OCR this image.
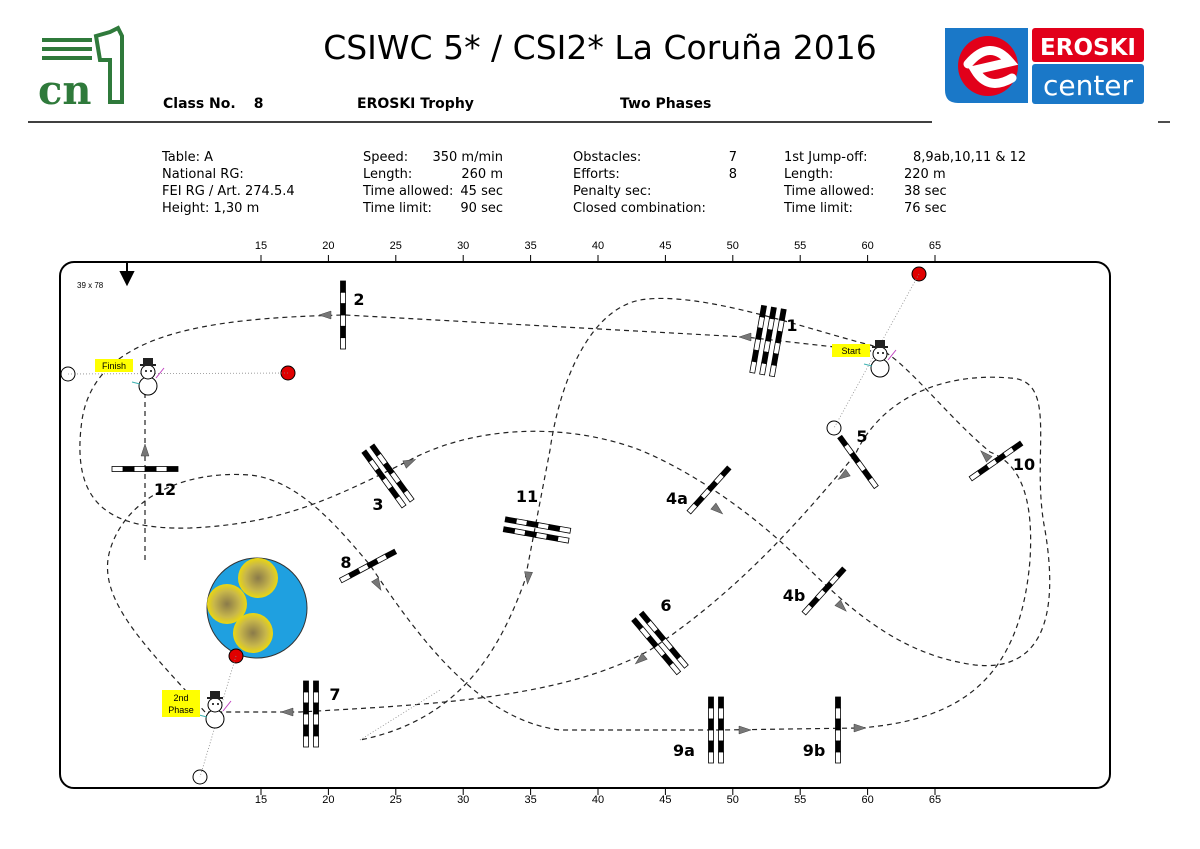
cn
EROSKI
center
15	20	25	30	35	40	45	50	55	60	65
15	20	25	30	35	40	45	50	55	60	65
39 x 78
1
2
3	4a
4b
5
6
7
8
9a	9b
10
11
12
Start
Finish
2nd
Phase
CSIWC 5* / CSI2* La Coruña 2016
Class No. 8	EROSKI Trophy	Two Phases
Table: A
National RG:
FEI RG / Art. 274.5.4
Height: 1,30 m
Speed: 350 m/min
Length:	260 m
Time allowed: 45 sec
Time limit: 90 sec
Obstacles:	7
Efforts:	8
Penalty sec:
Closed combination:
1st Jump-off:	8,9ab,10,11 & 12
Length:	220 m
Time allowed: 38 sec
Time limit:	76 sec
